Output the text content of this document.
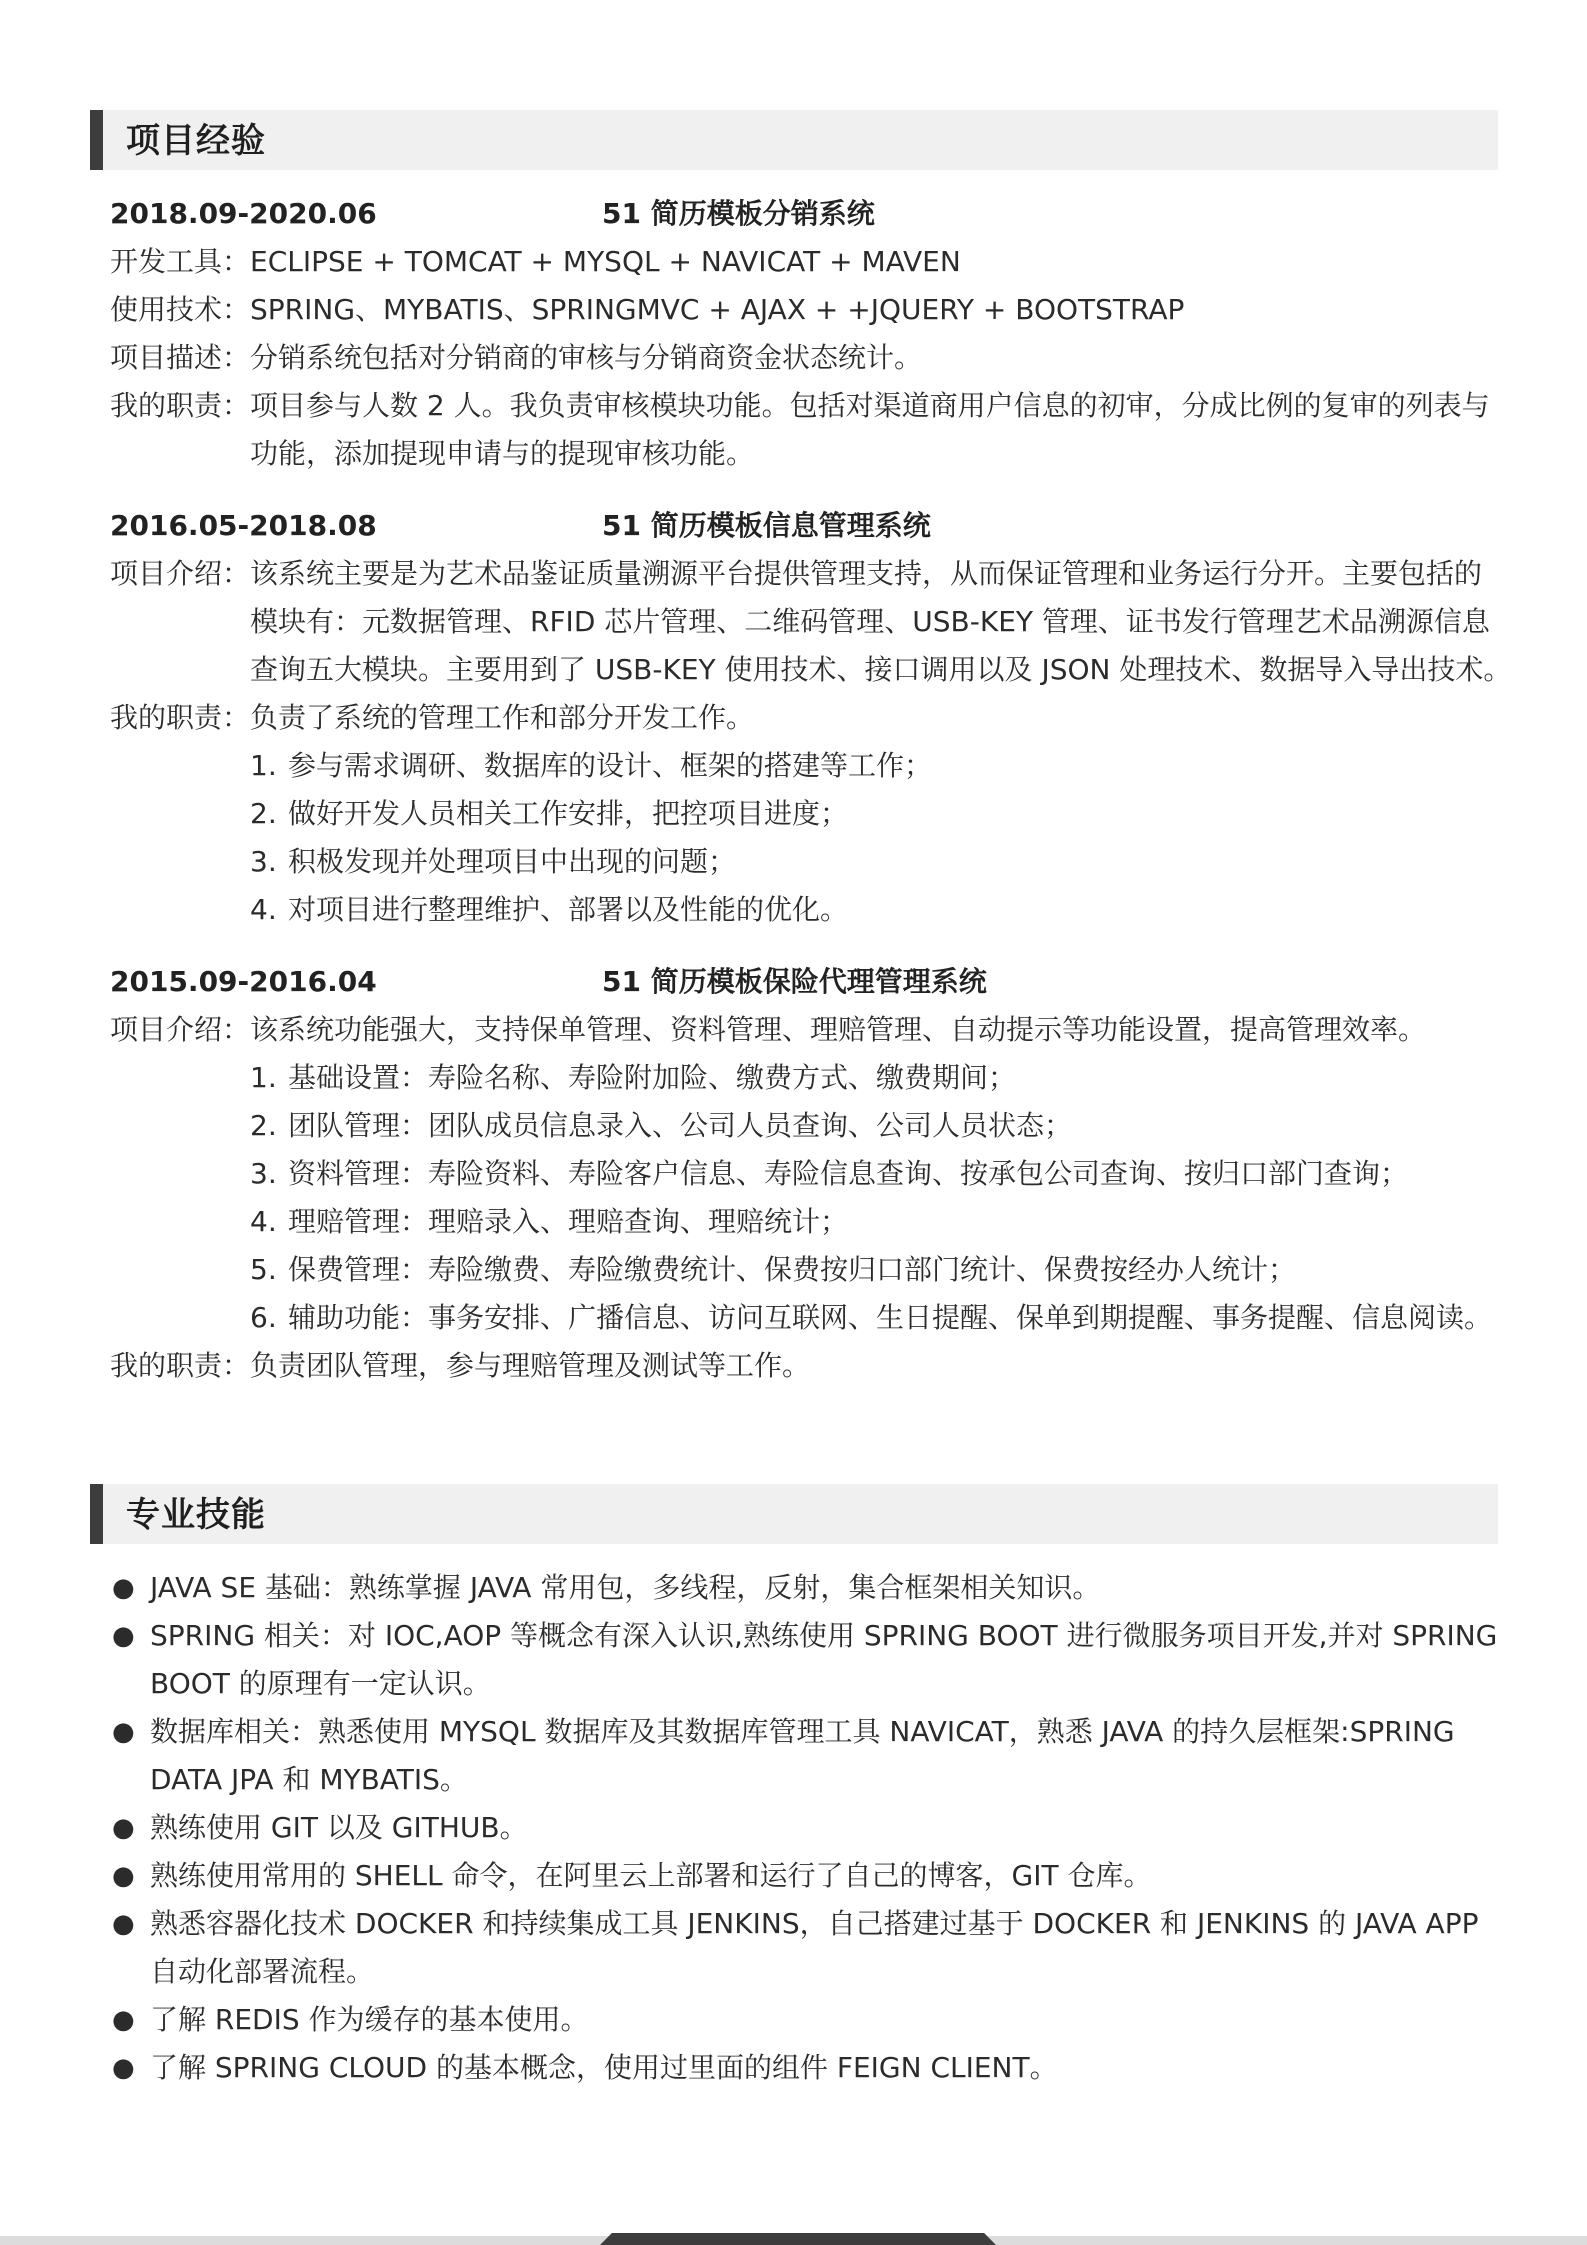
项目经验
2018.09-2020.06	51 简历模板分销系统
开发工具： ECLIPSE + TOMCAT + MYSQL + NAVICAT + MAVEN
使用技术： SPRING、MYBATIS、SPRINGMVC + AJAX + +JQUERY + BOOTSTRAP
项目描述： 分销系统包括对分销商的审核与分销商资金状态统计。
我的职责： 项目参与人数 2 人。我负责审核模块功能。包括对渠道商用户信息的初审，分成比例的复审的列表与
功能，添加提现申请与的提现审核功能。
2016.05-2018.08	51 简历模板信息管理系统
项目介绍： 该系统主要是为艺术品鉴证质量溯源平台提供管理支持，从而保证管理和业务运行分开。主要包括的
模块有：元数据管理、RFID 芯片管理、二维码管理、USB-KEY 管理、证书发行管理艺术品溯源信息
查询五大模块。主要用到了 USB-KEY 使用技术、接口调用以及 JSON 处理技术、数据导入导出技术。
我的职责： 负责了系统的管理工作和部分开发工作。
1. 参与需求调研、数据库的设计、框架的搭建等工作；
2. 做好开发人员相关工作安排，把控项目进度；
3. 积极发现并处理项目中出现的问题；
4. 对项目进行整理维护、部署以及性能的优化。
2015.09-2016.04	51 简历模板保险代理管理系统
项目介绍： 该系统功能强大，支持保单管理、资料管理、理赔管理、自动提示等功能设置，提高管理效率。
1. 基础设置：寿险名称、寿险附加险、缴费方式、缴费期间；
2. 团队管理：团队成员信息录入、公司人员查询、公司人员状态；
3. 资料管理：寿险资料、寿险客户信息、寿险信息查询、按承包公司查询、按归口部门查询；
4. 理赔管理：理赔录入、理赔查询、理赔统计；
5. 保费管理：寿险缴费、寿险缴费统计、保费按归口部门统计、保费按经办人统计；
6. 辅助功能：事务安排、广播信息、访问互联网、生日提醒、保单到期提醒、事务提醒、信息阅读。
我的职责： 负责团队管理，参与理赔管理及测试等工作。
专业技能
● JAVA SE 基础：熟练掌握 JAVA 常用包，多线程，反射，集合框架相关知识。
● SPRING 相关：对 IOC,AOP 等概念有深入认识,熟练使用 SPRING BOOT 进行微服务项目开发,并对 SPRING
BOOT 的原理有一定认识。
● 数据库相关：熟悉使用 MYSQL 数据库及其数据库管理工具 NAVICAT，熟悉 JAVA 的持久层框架:SPRING
DATA JPA 和 MYBATIS。
● 熟练使用 GIT 以及 GITHUB。
● 熟练使用常用的 SHELL 命令，在阿里云上部署和运行了自己的博客，GIT 仓库。
● 熟悉容器化技术 DOCKER 和持续集成工具 JENKINS，自己搭建过基于 DOCKER 和 JENKINS 的 JAVA APP
自动化部署流程。
● 了解 REDIS 作为缓存的基本使用。
● 了解 SPRING CLOUD 的基本概念，使用过里面的组件 FEIGN CLIENT。
